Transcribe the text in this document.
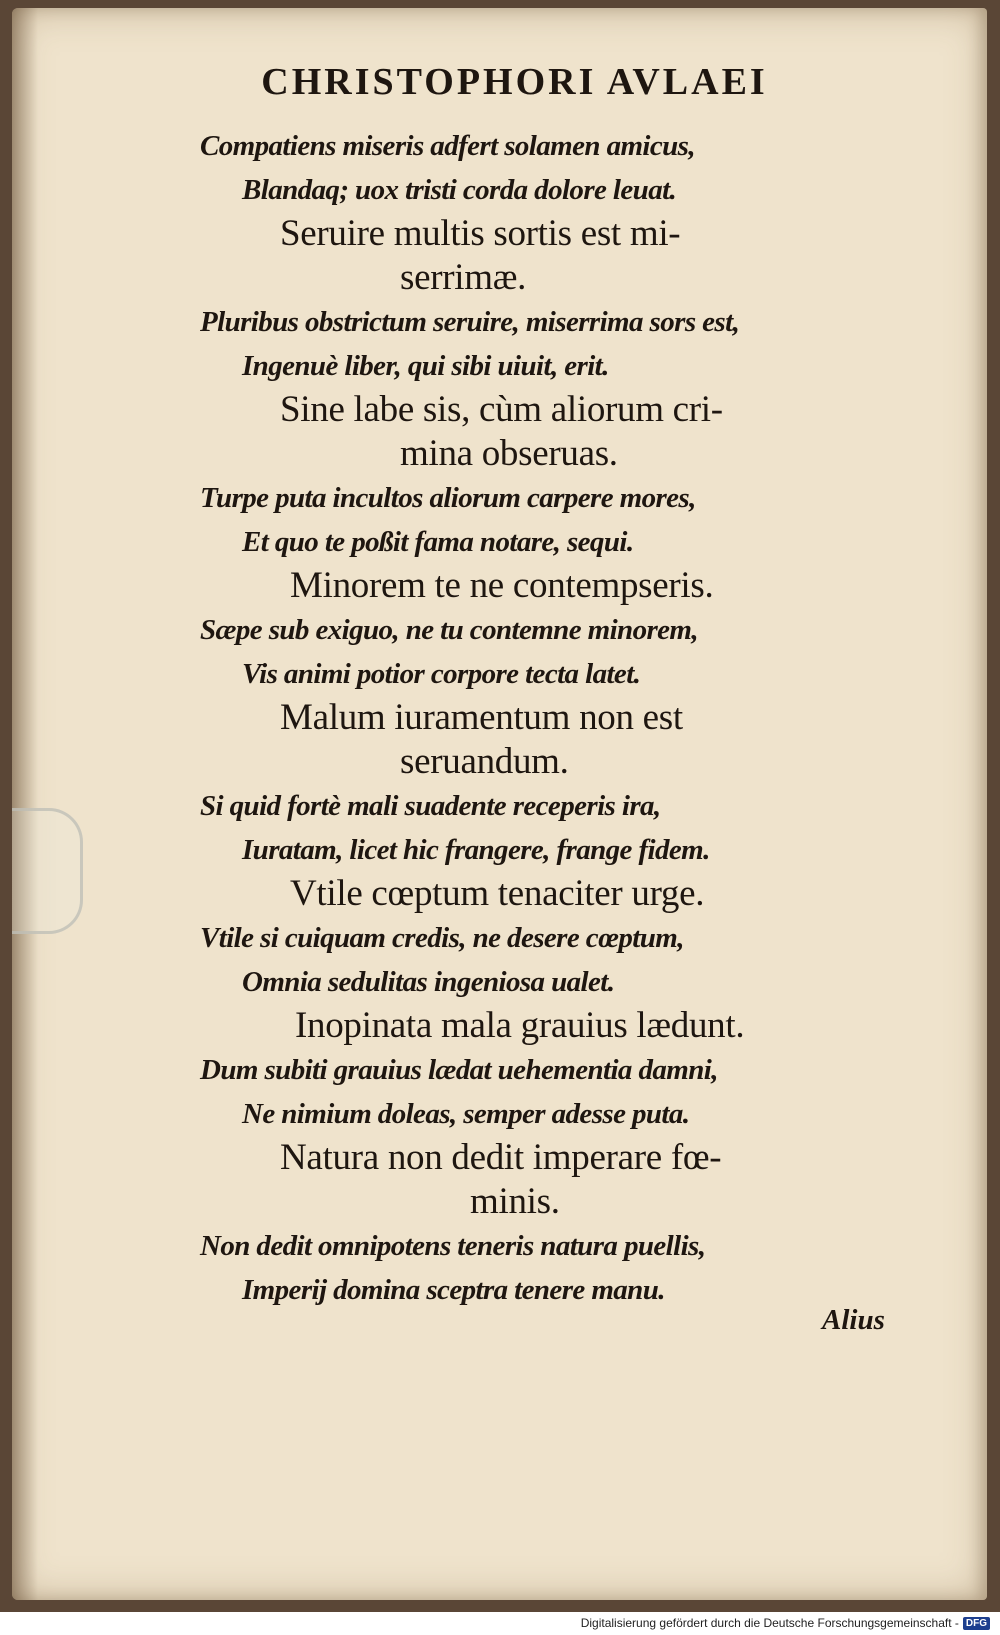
CHRISTOPHORI AVLAEI
Compatiens miseris adfert solamen amicus,
Blandaq; uox tristi corda dolore leuat.
Seruire multis sortis est mi-
serrimæ.
Pluribus obstrictum seruire, miserrima sors est,
Ingenuè liber, qui sibi uiuit, erit.
Sine labe sis, cùm aliorum cri-
mina obseruas.
Turpe puta incultos aliorum carpere mores,
Et quo te poßit fama notare, sequi.
Minorem te ne contempseris.
Sæpe sub exiguo, ne tu contemne minorem,
Vis animi potior corpore tecta latet.
Malum iuramentum non est
seruandum.
Si quid fortè mali suadente receperis ira,
Iuratam, licet hic frangere, frange fidem.
Vtile cœptum tenaciter urge.
Vtile si cuiquam credis, ne desere cœptum,
Omnia sedulitas ingeniosa ualet.
Inopinata mala grauius lædunt.
Dum subiti grauius lædat uehementia damni,
Ne nimium doleas, semper adesse puta.
Natura non dedit imperare fœ-
minis.
Non dedit omnipotens teneris natura puellis,
Imperij domina sceptra tenere manu.
Alius
Digitalisierung gefördert durch die Deutsche Forschungsgemeinschaft - DFG
